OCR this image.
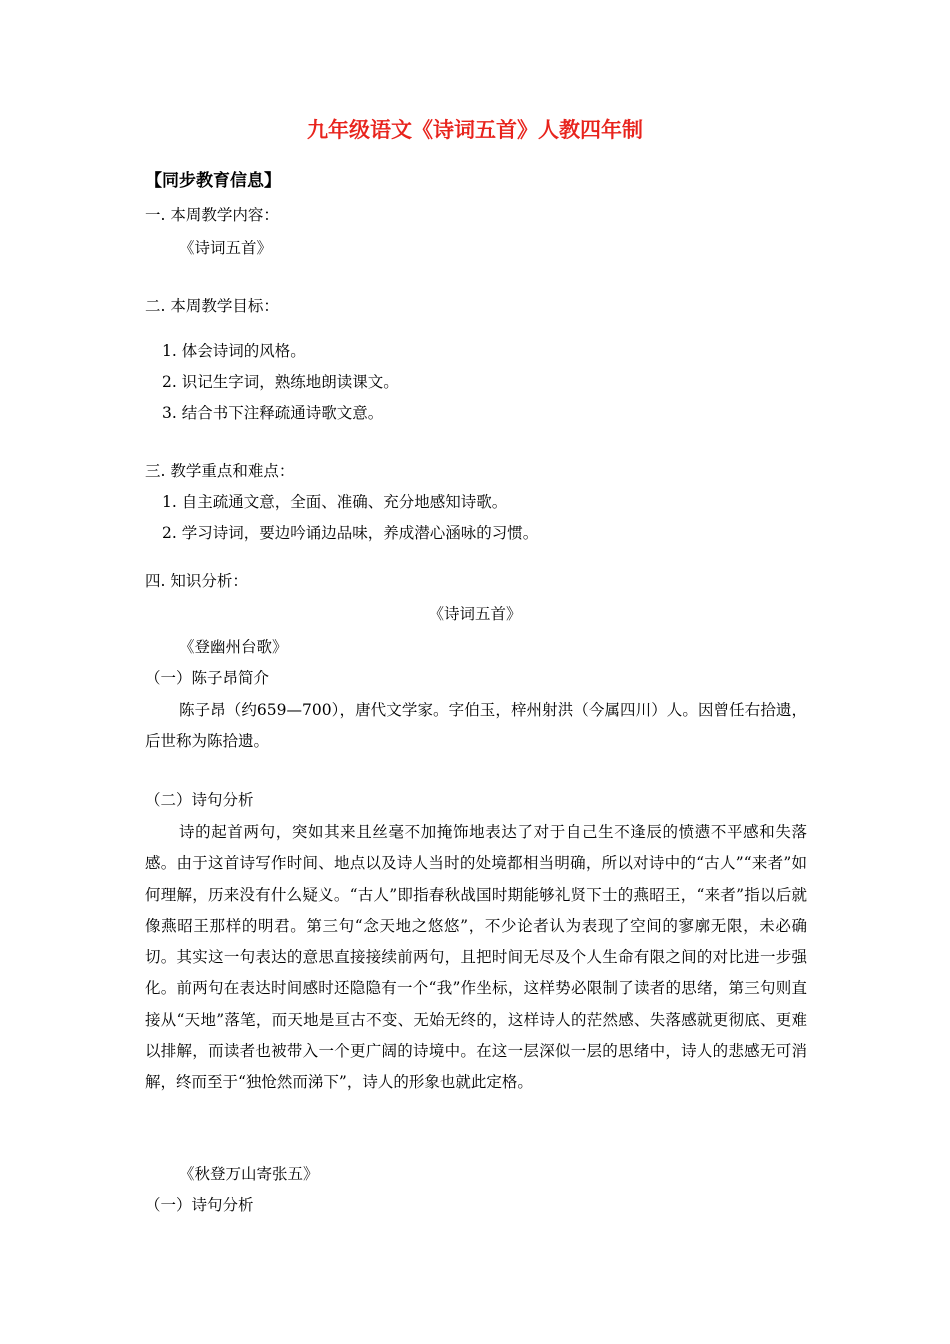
九年级语文《诗词五首》人教四年制
【同步教育信息】
一. 本周教学内容：
《诗词五首》
二. 本周教学目标：
1. 体会诗词的风格。
2. 识记生字词，熟练地朗读课文。
3. 结合书下注释疏通诗歌文意。
三. 教学重点和难点：
1. 自主疏通文意，全面、准确、充分地感知诗歌。
2. 学习诗词，要边吟诵边品味，养成潜心涵咏的习惯。
四. 知识分析：
《诗词五首》
《登幽州台歌》
（一）陈子昂简介
陈子昂（约659—700），唐代文学家。字伯玉，梓州射洪（今属四川）人。因曾任右拾遗，后世称为陈拾遗。
（二）诗句分析
诗的起首两句，突如其来且丝毫不加掩饰地表达了对于自己生不逢辰的愤懑不平感和失落感。由于这首诗写作时间、地点以及诗人当时的处境都相当明确，所以对诗中的“古人”“来者”如何理解，历来没有什么疑义。“古人”即指春秋战国时期能够礼贤下士的燕昭王，“来者”指以后就像燕昭王那样的明君。第三句“念天地之悠悠”，不少论者认为表现了空间的寥廓无限，未必确切。其实这一句表达的意思直接接续前两句，且把时间无尽及个人生命有限之间的对比进一步强化。前两句在表达时间感时还隐隐有一个“我”作坐标，这样势必限制了读者的思绪，第三句则直接从“天地”落笔，而天地是亘古不变、无始无终的，这样诗人的茫然感、失落感就更彻底、更难以排解，而读者也被带入一个更广阔的诗境中。在这一层深似一层的思绪中，诗人的悲感无可消解，终而至于“独怆然而涕下”，诗人的形象也就此定格。
《秋登万山寄张五》
（一）诗句分析
